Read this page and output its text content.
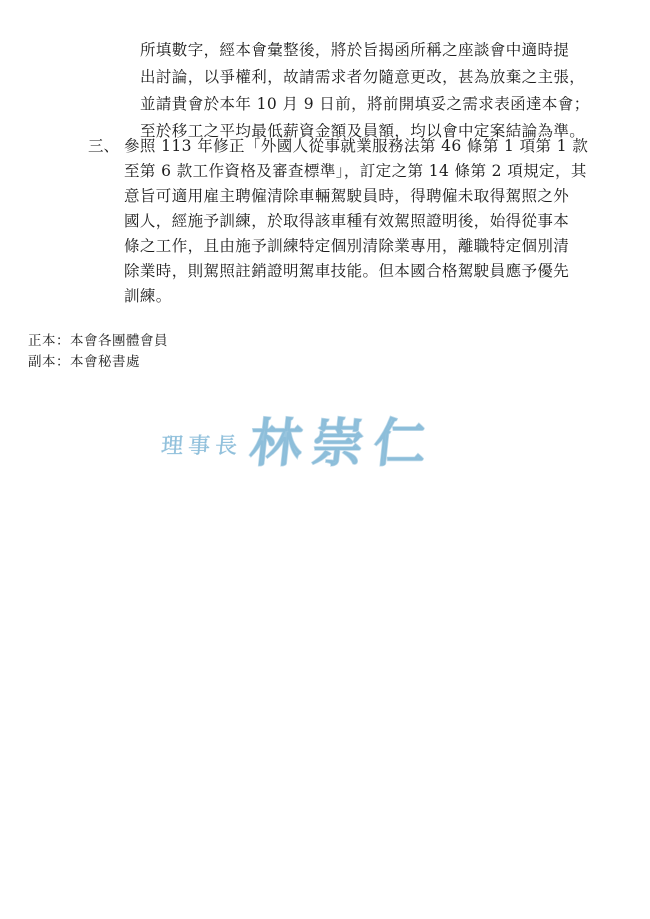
所填數字，經本會彙整後，將於旨揭函所稱之座談會中適時提
出討論，以爭權利，故請需求者勿隨意更改，甚為放棄之主張，
並請貴會於本年 10 月 9 日前，將前開填妥之需求表函達本會；
至於移工之平均最低薪資金額及員額，均以會中定案結論為準。
三、 參照 113 年修正「外國人從事就業服務法第 46 條第 1 項第 1 款
至第 6 款工作資格及審查標準」，訂定之第 14 條第 2 項規定，其
意旨可適用雇主聘僱清除車輛駕駛員時，得聘僱未取得駕照之外
國人，經施予訓練，於取得該車種有效駕照證明後，始得從事本
條之工作，且由施予訓練特定個別清除業專用，離職特定個別清
除業時，則駕照註銷證明駕車技能。但本國合格駕駛員應予優先
訓練。
正本：本會各團體會員
副本：本會秘書處
理 事 長 林 崇 仁
